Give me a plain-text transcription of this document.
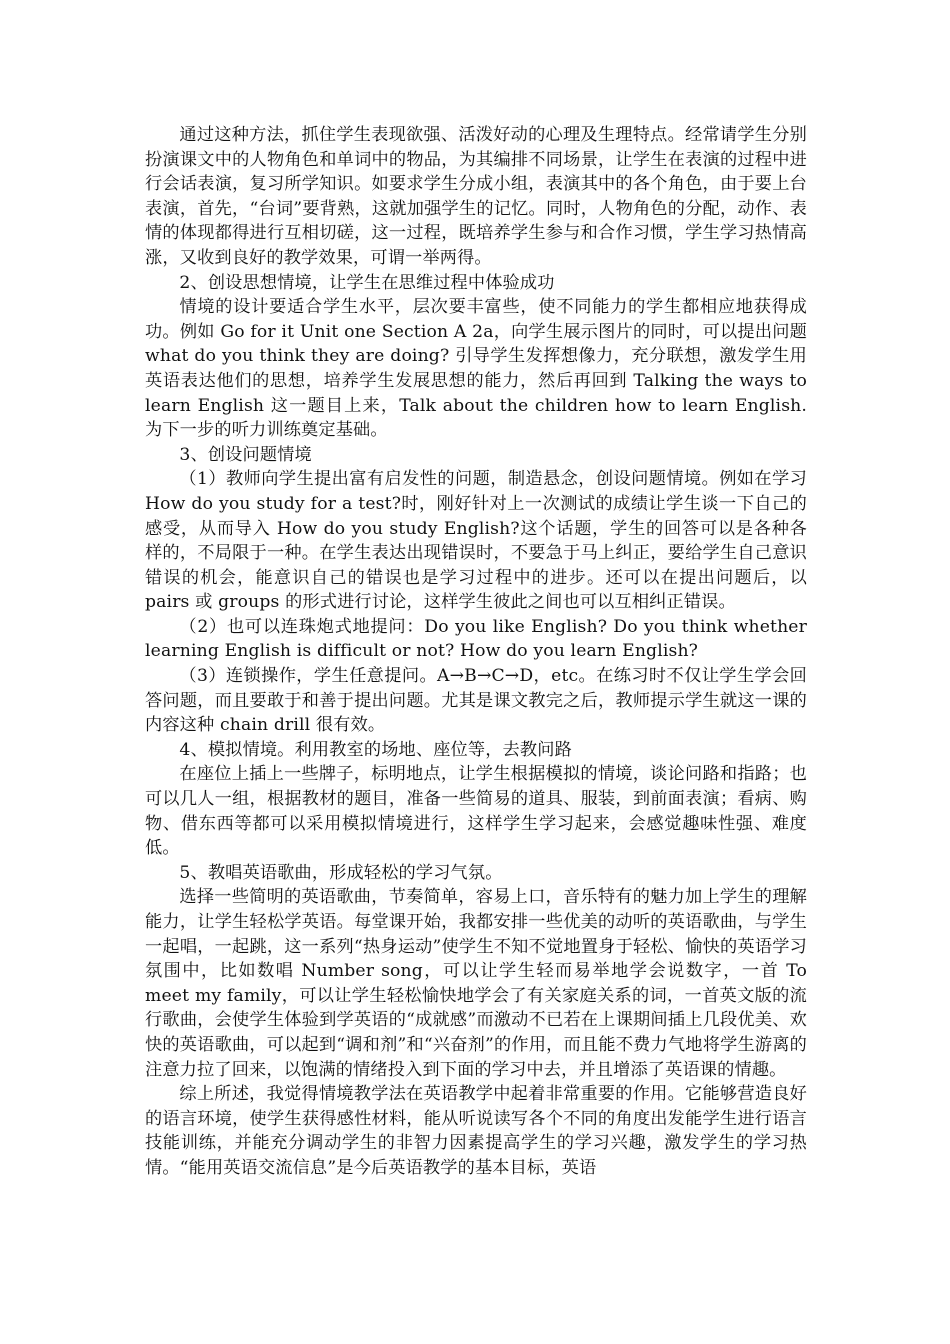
通过这种方法，抓住学生表现欲强、活泼好动的心理及生理特点。经常请学生分别扮演课文中的人物角色和单词中的物品，为其编排不同场景，让学生在表演的过程中进行会话表演，复习所学知识。如要求学生分成小组，表演其中的各个角色，由于要上台表演，首先，“台词”要背熟，这就加强学生的记忆。同时，人物角色的分配，动作、表情的体现都得进行互相切磋，这一过程，既培养学生参与和合作习惯，学生学习热情高涨，又收到良好的教学效果，可谓一举两得。

2、创设思想情境，让学生在思维过程中体验成功

情境的设计要适合学生水平，层次要丰富些，使不同能力的学生都相应地获得成功。例如 Go for it Unit one Section A 2a，向学生展示图片的同时，可以提出问题 what do you think they are doing? 引导学生发挥想像力，充分联想，激发学生用英语表达他们的思想，培养学生发展思想的能力，然后再回到 Talking the ways to learn English 这一题目上来，Talk about the children how to learn English.为下一步的听力训练奠定基础。

3、创设问题情境

（1）教师向学生提出富有启发性的问题，制造悬念，创设问题情境。例如在学习 How do you study for a test?时，刚好针对上一次测试的成绩让学生谈一下自己的感受，从而导入 How do you study English?这个话题，学生的回答可以是各种各样的，不局限于一种。在学生表达出现错误时，不要急于马上纠正，要给学生自己意识错误的机会，能意识自己的错误也是学习过程中的进步。还可以在提出问题后，以 pairs 或 groups 的形式进行讨论，这样学生彼此之间也可以互相纠正错误。

（2）也可以连珠炮式地提问：Do you like English? Do you think whether learning English is difficult or not? How do you learn English?

（3）连锁操作，学生任意提问。A→B→C→D，etc。在练习时不仅让学生学会回答问题，而且要敢于和善于提出问题。尤其是课文教完之后，教师提示学生就这一课的内容这种 chain drill 很有效。

4、模拟情境。利用教室的场地、座位等，去教问路

在座位上插上一些牌子，标明地点，让学生根据模拟的情境，谈论问路和指路；也可以几人一组，根据教材的题目，准备一些简易的道具、服装，到前面表演；看病、购物、借东西等都可以采用模拟情境进行，这样学生学习起来，会感觉趣味性强、难度低。

5、教唱英语歌曲，形成轻松的学习气氛。

选择一些简明的英语歌曲，节奏简单，容易上口，音乐特有的魅力加上学生的理解能力，让学生轻松学英语。每堂课开始，我都安排一些优美的动听的英语歌曲，与学生一起唱，一起跳，这一系列“热身运动”使学生不知不觉地置身于轻松、愉快的英语学习氛围中，比如数唱 Number song，可以让学生轻而易举地学会说数字，一首 To meet my family，可以让学生轻松愉快地学会了有关家庭关系的词，一首英文版的流行歌曲，会使学生体验到学英语的“成就感”而激动不已若在上课期间插上几段优美、欢快的英语歌曲，可以起到“调和剂”和“兴奋剂”的作用，而且能不费力气地将学生游离的注意力拉了回来，以饱满的情绪投入到下面的学习中去，并且增添了英语课的情趣。

综上所述，我觉得情境教学法在英语教学中起着非常重要的作用。它能够营造良好的语言环境，使学生获得感性材料，能从听说读写各个不同的角度出发能学生进行语言技能训练，并能充分调动学生的非智力因素提高学生的学习兴趣，激发学生的学习热情。“能用英语交流信息”是今后英语教学的基本目标，英语
